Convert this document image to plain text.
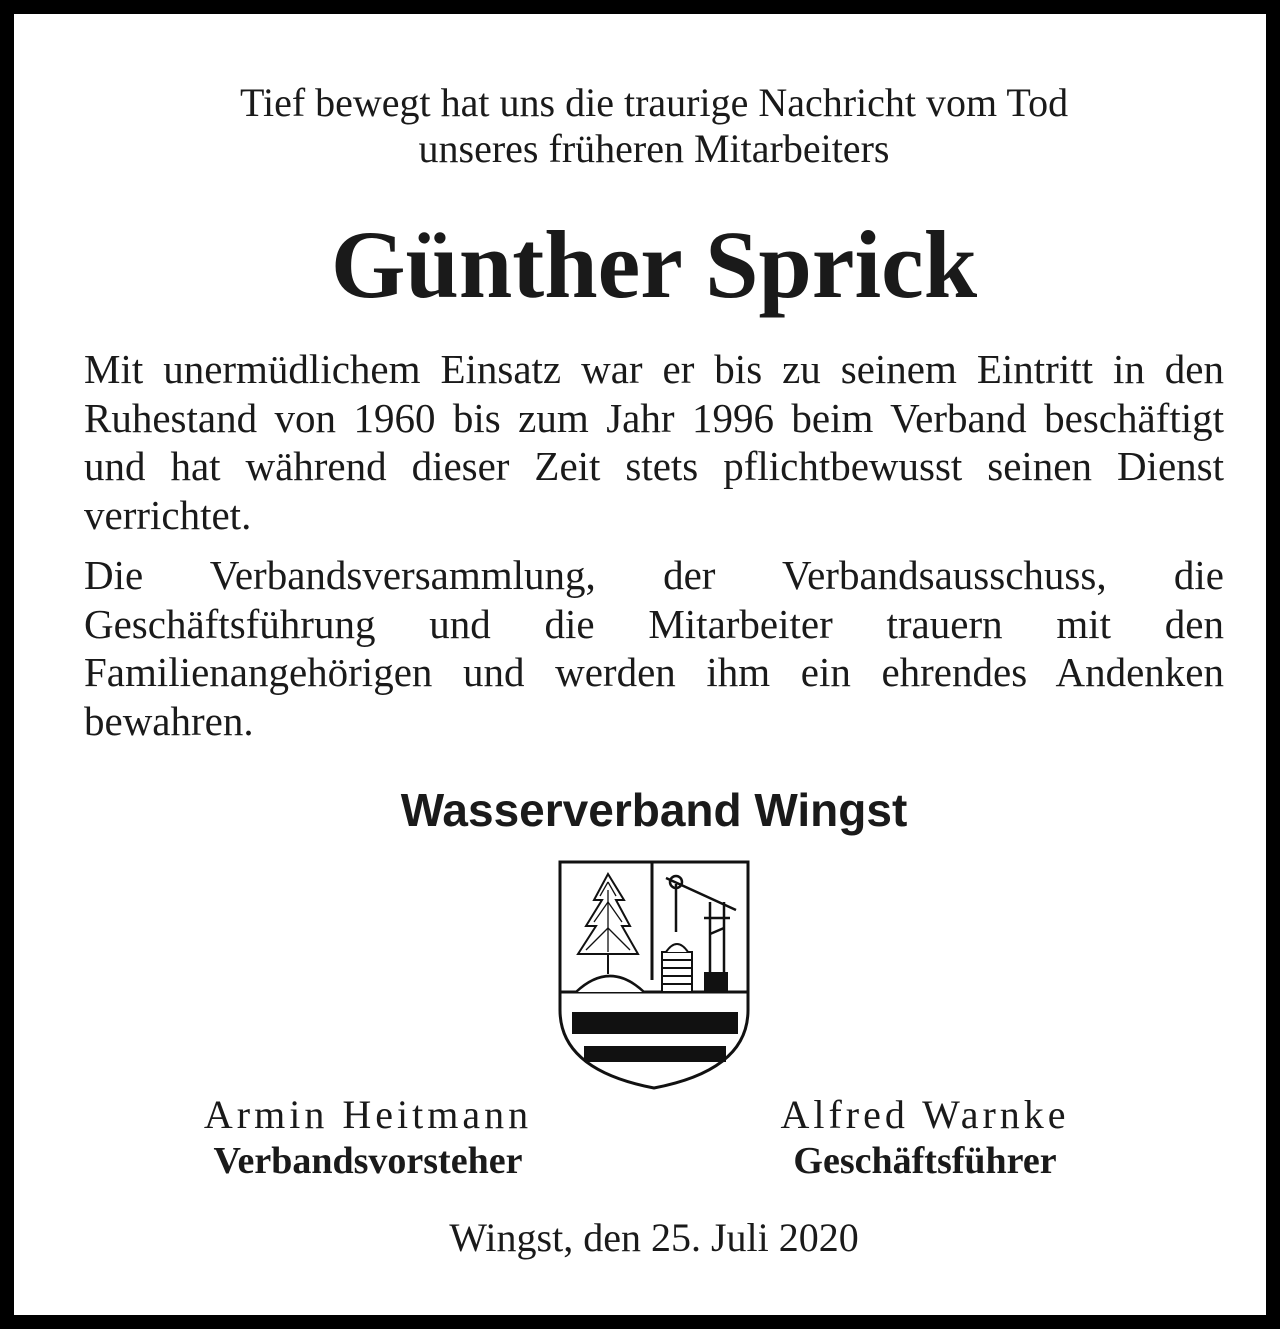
Tief bewegt hat uns die traurige Nachricht vom Tod
unseres früheren Mitarbeiters
Günther Sprick
Mit unermüdlichem Einsatz war er bis zu seinem Eintritt in den Ruhestand von 1960 bis zum Jahr 1996 beim Verband beschäftigt und hat während dieser Zeit stets pflichtbewusst seinen Dienst verrichtet.
Die Verbandsversammlung, der Verbandsausschuss, die Geschäftsführung und die Mitarbeiter trauern mit den Familienangehörigen und werden ihm ein ehrendes Andenken bewahren.
Wasserverband Wingst
Armin Heitmann
Verbandsvorsteher
Alfred Warnke
Geschäftsführer
Wingst, den 25. Juli 2020
